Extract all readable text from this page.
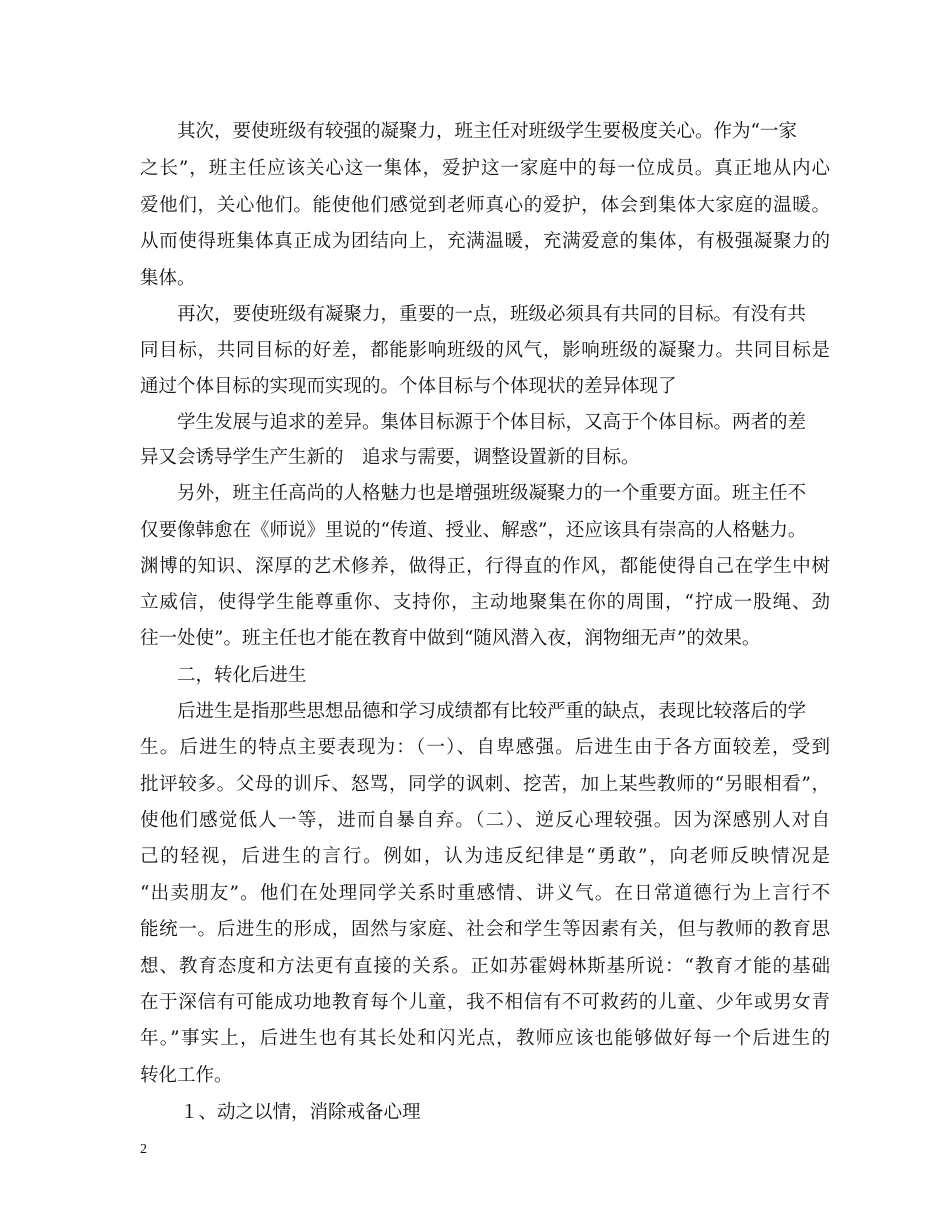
其次，要使班级有较强的凝聚力，班主任对班级学生要极度关心。作为“一家
之长”，班主任应该关心这一集体，爱护这一家庭中的每一位成员。真正地从内心
爱他们，关心他们。能使他们感觉到老师真心的爱护，体会到集体大家庭的温暖。
从而使得班集体真正成为团结向上，充满温暖，充满爱意的集体，有极强凝聚力的
集体。
再次，要使班级有凝聚力，重要的一点，班级必须具有共同的目标。有没有共
同目标，共同目标的好差，都能影响班级的风气，影响班级的凝聚力。共同目标是
通过个体目标的实现而实现的。个体目标与个体现状的差异体现了
学生发展与追求的差异。集体目标源于个体目标，又高于个体目标。两者的差
异又会诱导学生产生新的　追求与需要，调整设置新的目标。
另外，班主任高尚的人格魅力也是增强班级凝聚力的一个重要方面。班主任不
仅要像韩愈在《师说》里说的“传道、授业、解惑”，还应该具有崇高的人格魅力。
渊博的知识、深厚的艺术修养，做得正，行得直的作风，都能使得自己在学生中树
立威信，使得学生能尊重你、支持你，主动地聚集在你的周围，“拧成一股绳、劲
往一处使”。班主任也才能在教育中做到“随风潜入夜，润物细无声”的效果。
二，转化后进生
后进生是指那些思想品德和学习成绩都有比较严重的缺点，表现比较落后的学
生。后进生的特点主要表现为：（一）、自卑感强。后进生由于各方面较差，受到
批评较多。父母的训斥、怒骂，同学的讽刺、挖苦，加上某些教师的“另眼相看”，
使他们感觉低人一等，进而自暴自弃。（二）、逆反心理较强。因为深感别人对自
己的轻视，后进生的言行。例如，认为违反纪律是“勇敢”，向老师反映情况是
“出卖朋友”。他们在处理同学关系时重感情、讲义气。在日常道德行为上言行不
能统一。后进生的形成，固然与家庭、社会和学生等因素有关，但与教师的教育思
想、教育态度和方法更有直接的关系。正如苏霍姆林斯基所说：“教育才能的基础
在于深信有可能成功地教育每个儿童，我不相信有不可救药的儿童、少年或男女青
年。”事实上，后进生也有其长处和闪光点，教师应该也能够做好每一个后进生的
转化工作。
１、动之以情，消除戒备心理
2
